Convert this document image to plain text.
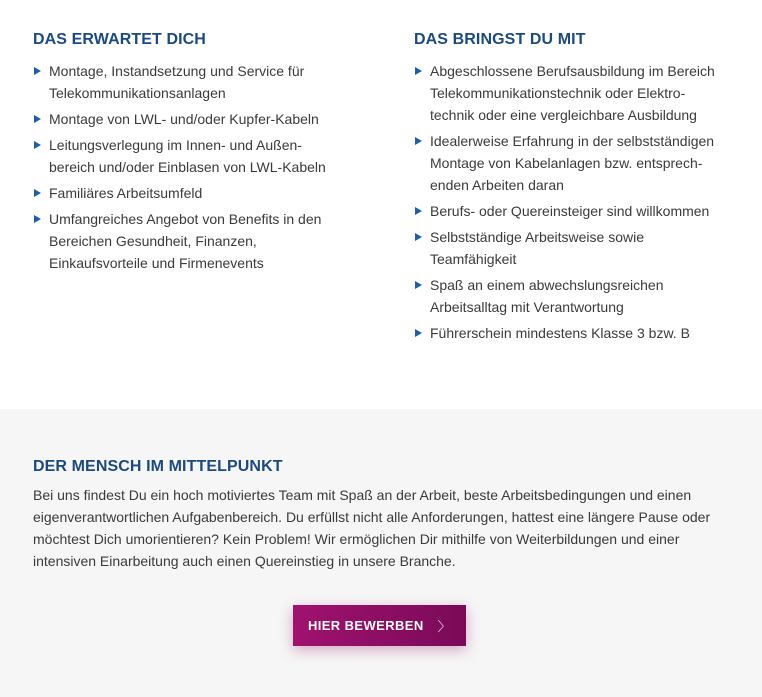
DAS ERWARTET DICH
Montage, Instandsetzung und Service für
Telekommunikationsanlagen
Montage von LWL- und/oder Kupfer-Kabeln
Leitungsverlegung im Innen- und Außen-
bereich und/oder Einblasen von LWL-Kabeln
Familiäres Arbeitsumfeld
Umfangreiches Angebot von Benefits in den
Bereichen Gesundheit, Finanzen,
Einkaufsvorteile und Firmenevents
DAS BRINGST DU MIT
Abgeschlossene Berufsausbildung im Bereich
Telekommunikationstechnik oder Elektro-
technik oder eine vergleichbare Ausbildung
Idealerweise Erfahrung in der selbstständigen
Montage von Kabelanlagen bzw. entsprech-
enden Arbeiten daran
Berufs- oder Quereinsteiger sind willkommen
Selbstständige Arbeitsweise sowie
Teamfähigkeit
Spaß an einem abwechslungsreichen
Arbeitsalltag mit Verantwortung
Führerschein mindestens Klasse 3 bzw. B
DER MENSCH IM MITTELPUNKT

Bei uns findest Du ein hoch motiviertes Team mit Spaß an der Arbeit, beste Arbeitsbedingungen und einen eigenverantwortlichen Aufgabenbereich. Du erfüllst nicht alle Anforderungen, hattest eine längere Pause oder möchtest Dich umorientieren? Kein Problem! Wir ermöglichen Dir mithilfe von Weiterbildungen und einer intensiven Einarbeitung auch einen Quereinstieg in unsere Branche.

HIER BEWERBEN 〉
